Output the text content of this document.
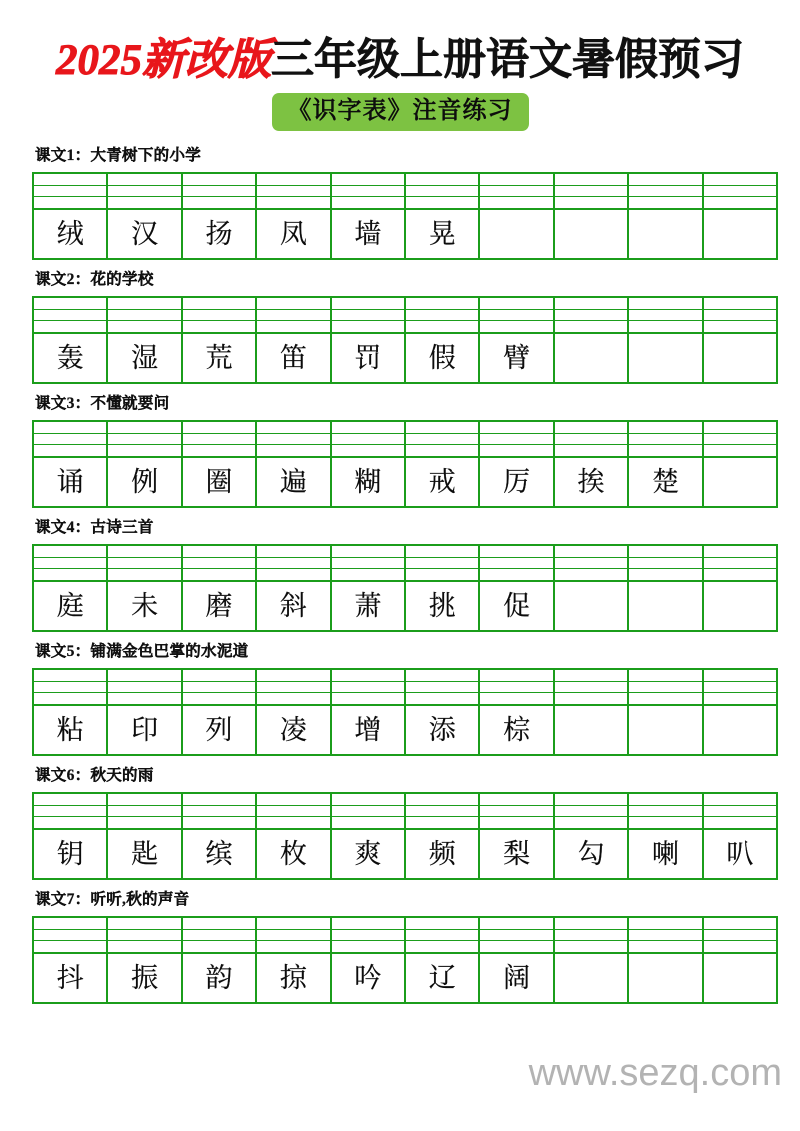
2025新改版三年级上册语文暑假预习
《识字表》注音练习
课文1：大青树下的小学
绒 汉 扬 凤 墙 晃
课文2：花的学校
轰 湿 荒 笛 罚 假 臂
课文3：不懂就要问
诵 例 圈 遍 糊 戒 厉 挨 楚
课文4：古诗三首
庭 未 磨 斜 萧 挑 促
课文5：铺满金色巴掌的水泥道
粘 印 列 凌 增 添 棕
课文6：秋天的雨
钥 匙 缤 枚 爽 频 梨 勾 喇 叭
课文7：听听,秋的声音
抖 振 韵 掠 吟 辽 阔
www.sezq.com
